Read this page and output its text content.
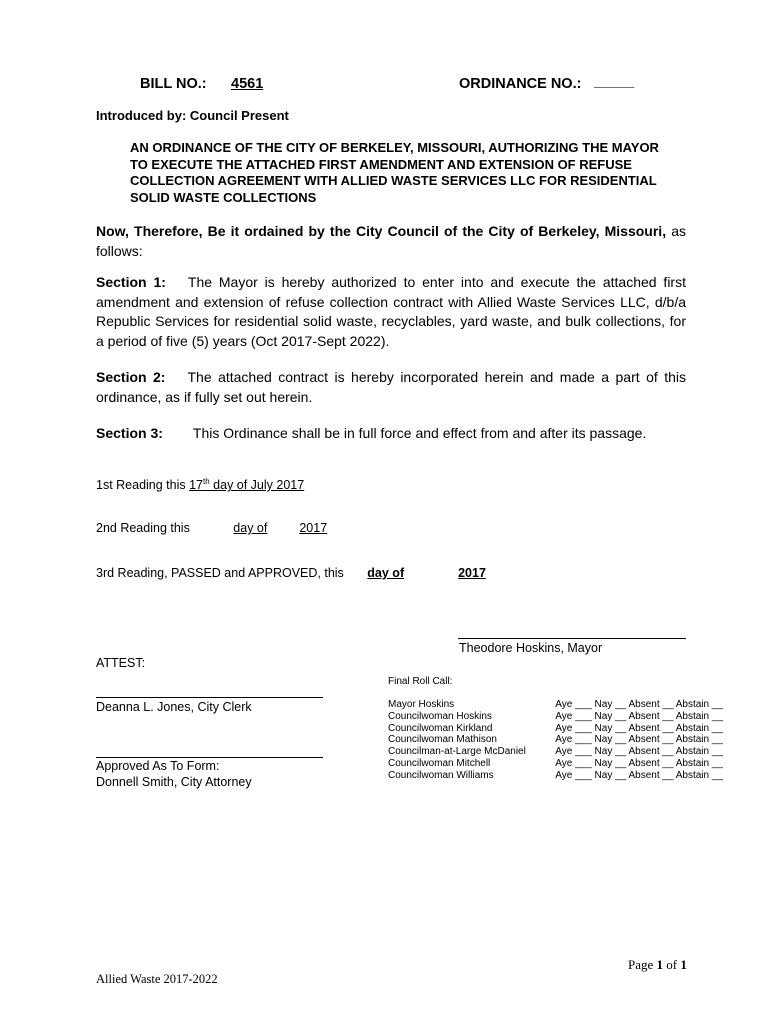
BILL NO.: 4561	ORDINANCE NO.: _____
Introduced by: Council Present
AN ORDINANCE OF THE CITY OF BERKELEY, MISSOURI, AUTHORIZING THE MAYOR TO EXECUTE THE ATTACHED FIRST AMENDMENT AND EXTENSION OF REFUSE COLLECTION AGREEMENT WITH ALLIED WASTE SERVICES LLC FOR RESIDENTIAL SOLID WASTE COLLECTIONS
Now, Therefore, Be it ordained by the City Council of the City of Berkeley, Missouri, as follows:
Section 1: The Mayor is hereby authorized to enter into and execute the attached first amendment and extension of refuse collection contract with Allied Waste Services LLC, d/b/a Republic Services for residential solid waste, recyclables, yard waste, and bulk collections, for a period of five (5) years (Oct 2017-Sept 2022).
Section 2: The attached contract is hereby incorporated herein and made a part of this ordinance, as if fully set out herein.
Section 3: This Ordinance shall be in full force and effect from and after its passage.
1st Reading this 17th day of July 2017
2nd Reading this	day of	2017
3rd Reading, PASSED and APPROVED, this day of	2017
Theodore Hoskins, Mayor
ATTEST:
Deanna L. Jones, City Clerk
Approved As To Form:
Donnell Smith, City Attorney
Final Roll Call:
Mayor Hoskins	Aye ___ Nay __ Absent __ Abstain __
Councilwoman Hoskins	Aye ___ Nay __ Absent __ Abstain __
Councilwoman Kirkland	Aye ___ Nay __ Absent __ Abstain __
Councilwoman Mathison	Aye ___ Nay __ Absent __ Abstain __
Councilman-at-Large McDaniel	Aye ___ Nay __ Absent __ Abstain __
Councilwoman Mitchell	Aye ___ Nay __ Absent __ Abstain __
Councilwoman Williams	Aye ___ Nay __ Absent __ Abstain __
Page 1 of 1
Allied Waste 2017-2022
